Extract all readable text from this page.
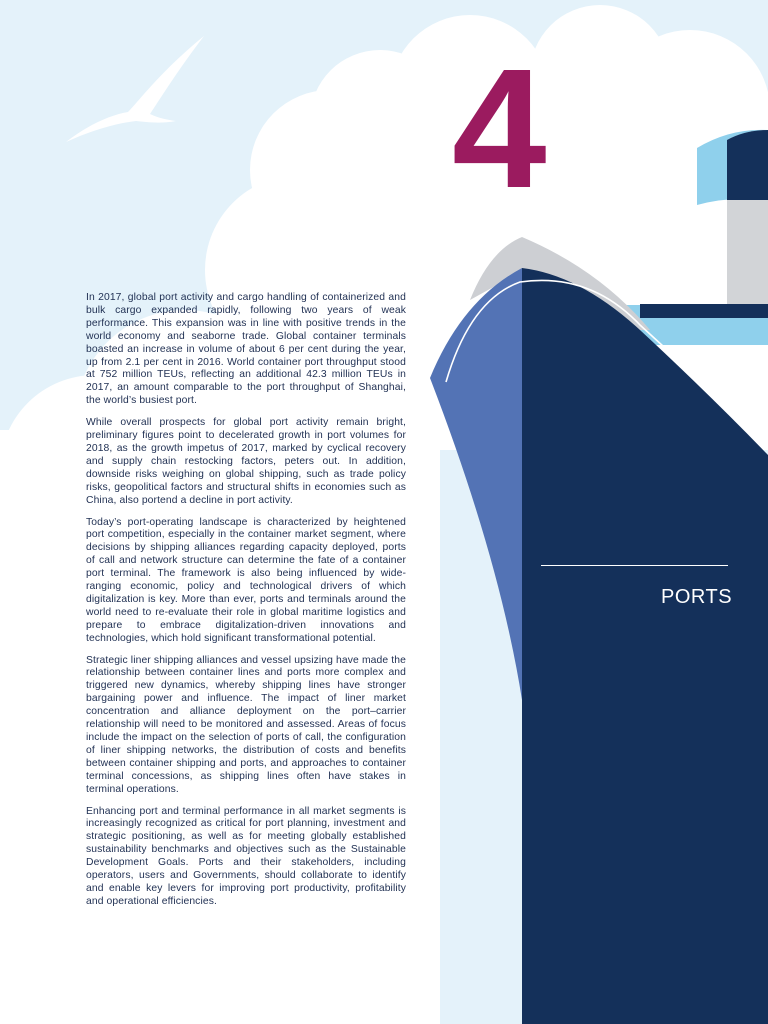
4

In 2017, global port activity and cargo handling of containerized and bulk cargo expanded rapidly, following two years of weak performance. This expansion was in line with positive trends in the world economy and seaborne trade. Global container terminals boasted an increase in volume of about 6 per cent during the year, up from 2.1 per cent in 2016. World container port throughput stood at 752 million TEUs, reflecting an additional 42.3 million TEUs in 2017, an amount comparable to the port throughput of Shanghai, the world’s busiest port.

While overall prospects for global port activity remain bright, preliminary figures point to decelerated growth in port volumes for 2018, as the growth impetus of 2017, marked by cyclical recovery and supply chain restocking factors, peters out. In addition, downside risks weighing on global shipping, such as trade policy risks, geopolitical factors and structural shifts in economies such as China, also portend a decline in port activity.

Today’s port-operating landscape is characterized by heightened port competition, especially in the container market segment, where decisions by shipping alliances regarding capacity deployed, ports of call and network structure can determine the fate of a container port terminal. The framework is also being influenced by wide-ranging economic, policy and technological drivers of which digitalization is key. More than ever, ports and terminals around the world need to re-evaluate their role in global maritime logistics and prepare to embrace digitalization-driven innovations and technologies, which hold significant transformational potential.

Strategic liner shipping alliances and vessel upsizing have made the relationship between container lines and ports more complex and triggered new dynamics, whereby shipping lines have stronger bargaining power and influence. The impact of liner market concentration and alliance deployment on the port–carrier relationship will need to be monitored and assessed. Areas of focus include the impact on the selection of ports of call, the configuration of liner shipping networks, the distribution of costs and benefits between container shipping and ports, and approaches to container terminal concessions, as shipping lines often have stakes in terminal operations.

Enhancing port and terminal performance in all market segments is increasingly recognized as critical for port planning, investment and strategic positioning, as well as for meeting globally established sustainability benchmarks and objectives such as the Sustainable Development Goals. Ports and their stakeholders, including operators, users and Governments, should collaborate to identify and enable key levers for improving port productivity, profitability and operational efficiencies.

PORTS
